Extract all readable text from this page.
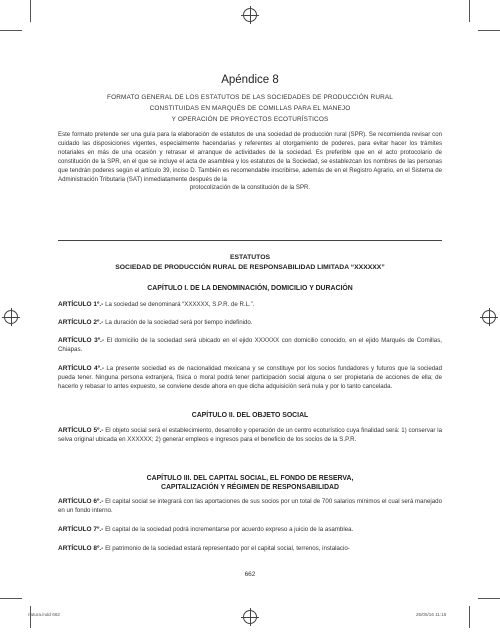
Apéndice 8
FORMATO GENERAL DE LOS ESTATUTOS DE LAS SOCIEDADES DE PRODUCCIÓN RURAL
CONSTITUIDAS EN MARQUÉS DE COMILLAS PARA EL MANEJO
Y OPERACIÓN DE PROYECTOS ECOTURÍSTICOS

Este formato pretende ser una guía para la elaboración de estatutos de una sociedad de producción rural (SPR). Se recomienda revisar con cuidado las disposiciones vigentes, especialmente hacendarias y referentes al otorgamiento de poderes, para evitar hacer los trámites notariales en más de una ocasión y retrasar el arranque de actividades de la sociedad. Es preferible que en el acto protocolario de constitución de la SPR, en el que se incluye el acta de asamblea y los estatutos de la Sociedad, se establezcan los nombres de las personas que tendrán poderes según el artículo 39, inciso D. También es recomendable inscribirse, además de en el Registro Agrario, en el Sistema de Administración Tributaria (SAT) inmediatamente después de la

protocolización de la constitución de la SPR.

ESTATUTOS
SOCIEDAD DE PRODUCCIÓN RURAL DE RESPONSABILIDAD LIMITADA “XXXXXX”
CAPÍTULO I. DE LA DENOMINACIÓN, DOMICILIO Y DURACIÓN
ARTÍCULO 1º.- La sociedad se denominará “XXXXXX, S.P.R. de R.L.”.
ARTÍCULO 2º.- La duración de la sociedad será por tiempo indefinido.
ARTÍCULO 3º.- El domicilio de la sociedad será ubicado en el ejido XXXXXX con domicilio conocido, en el ejido Marqués de Comillas, Chiapas.
ARTÍCULO 4º.- La presente sociedad es de nacionalidad mexicana y se constituye por los socios fundadores y futuros que la sociedad pueda tener. Ninguna persona extranjera, física o moral podrá tener participación social alguna o ser propietaria de acciones de ella; de hacerlo y rebasar lo antes expuesto, se conviene desde ahora en que dicha adquisición será nula y por lo tanto cancelada.
CAPÍTULO II. DEL OBJETO SOCIAL
ARTÍCULO 5º.- El objeto social será el establecimiento, desarrollo y operación de un centro ecoturístico cuya finalidad será: 1) conservar la selva original ubicada en XXXXXX; 2) generar empleos e ingresos para el beneficio de los socios de la S.P.R.
CAPÍTULO III. DEL CAPITAL SOCIAL, EL FONDO DE RESERVA,
CAPITALIZACIÓN Y RÉGIMEN DE RESPONSABILIDAD
ARTÍCULO 6º.- El capital social se integrará con las aportaciones de sus socios por un total de 700 salarios mínimos el cual será manejado en un fondo interno.
ARTÍCULO 7º.- El capital de la sociedad podrá incrementarse por acuerdo expreso a juicio de la asamblea.
ARTÍCULO 8º.- El patrimonio de la sociedad estará representado por el capital social, terrenos, instalacio-
662
natura.indd 662	25/05/16 11:15
